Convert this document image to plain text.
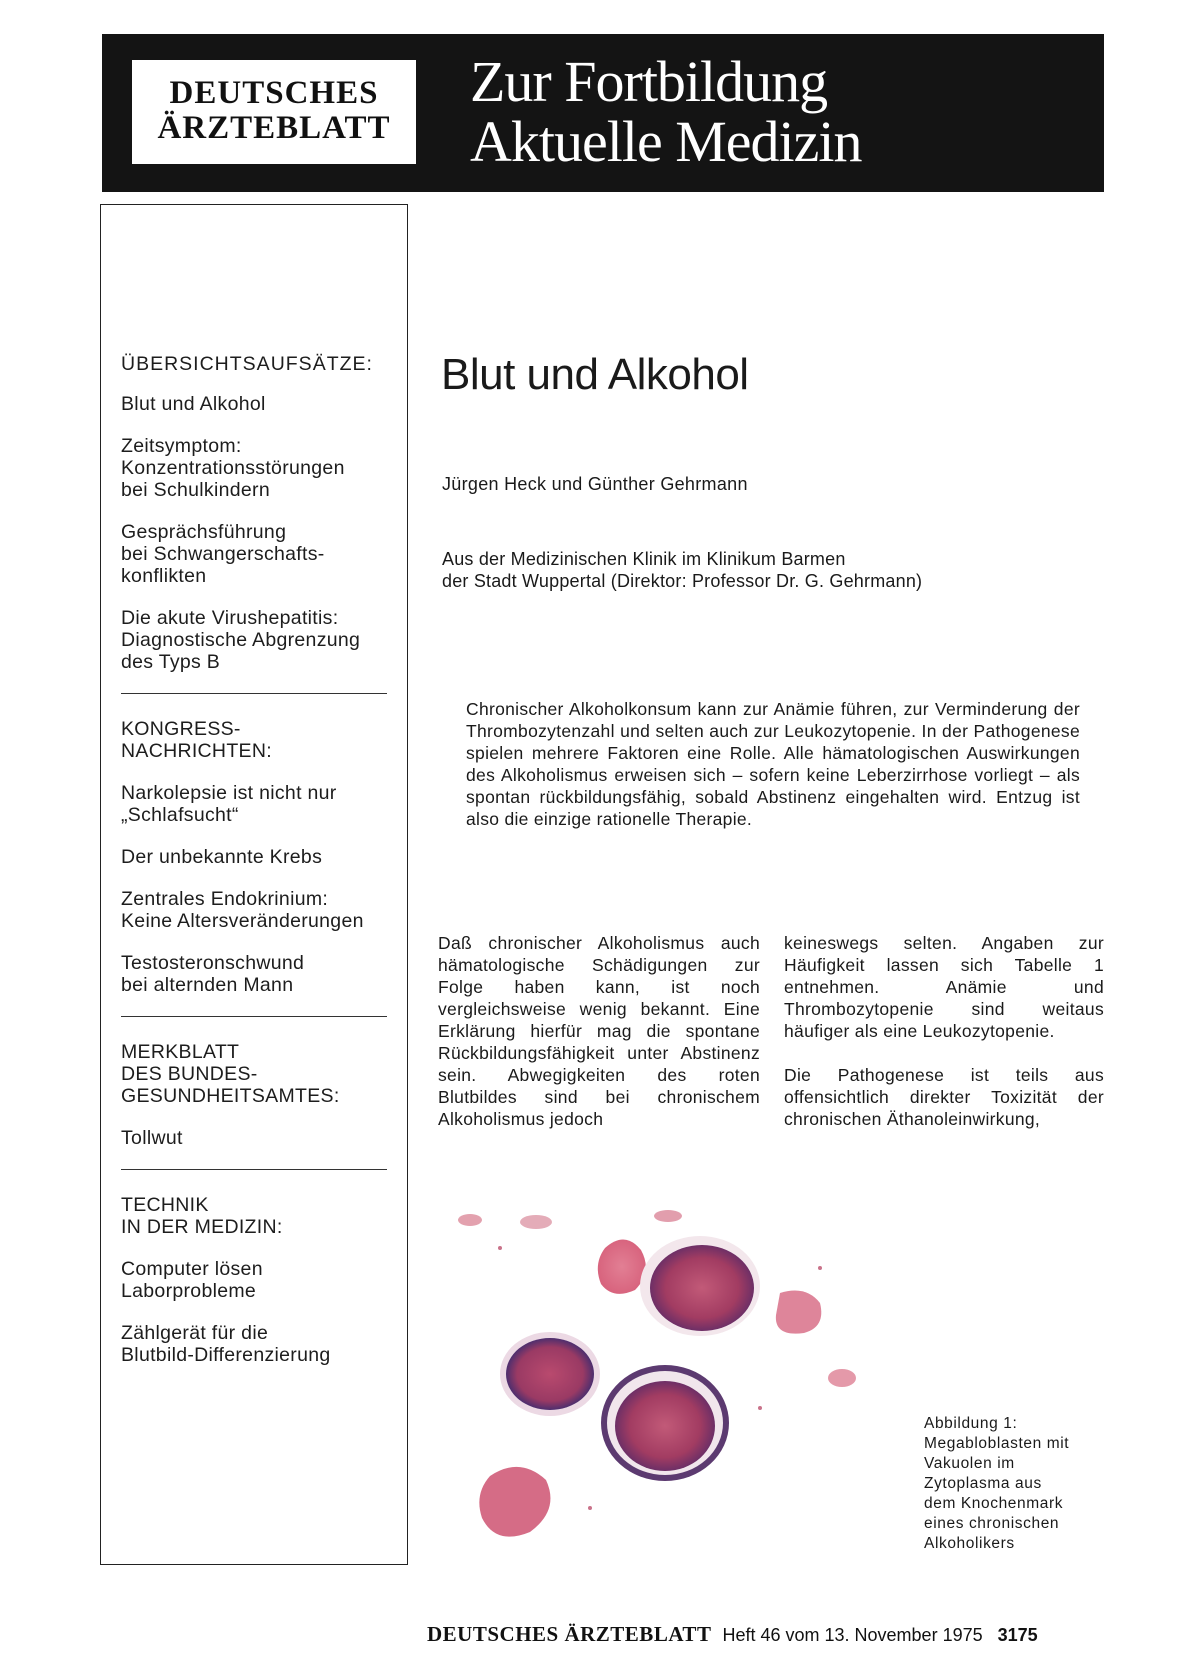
DEUTSCHES
ÄRZTEBLATT
Zur Fortbildung
Aktuelle Medizin
ÜBERSICHTSAUFSÄTZE:
Blut und Alkohol
Zeitsymptom:
Konzentrationsstörungen
bei Schulkindern
Gesprächsführung
bei Schwangerschafts-
konflikten
Die akute Virushepatitis:
Diagnostische Abgrenzung
des Typs B
KONGRESS-
NACHRICHTEN:
Narkolepsie ist nicht nur
„Schlafsucht“
Der unbekannte Krebs
Zentrales Endokrinium:
Keine Altersveränderungen
Testosteronschwund
bei alternden Mann
MERKBLATT
DES BUNDES-
GESUNDHEITSAMTES:
Tollwut
TECHNIK
IN DER MEDIZIN:
Computer lösen
Laborprobleme
Zählgerät für die
Blutbild-Differenzierung
Blut und Alkohol
Jürgen Heck und Günther Gehrmann
Aus der Medizinischen Klinik im Klinikum Barmen
der Stadt Wuppertal (Direktor: Professor Dr. G. Gehrmann)

Chronischer Alkoholkonsum kann zur Anämie führen, zur Verminderung der Thrombozytenzahl und selten auch zur Leukozytopenie. In der Pathogenese spielen mehrere Faktoren eine Rolle. Alle hämatologischen Auswirkungen des Alkoholismus erweisen sich – sofern keine Leberzirrhose vorliegt – als spontan rückbildungsfähig, sobald Abstinenz eingehalten wird. Entzug ist also die einzige rationelle Therapie.

Daß chronischer Alkoholismus auch hämatologische Schädigungen zur Folge haben kann, ist noch vergleichsweise wenig bekannt. Eine Erklärung hierfür mag die spontane Rückbildungsfähigkeit unter Abstinenz sein. Abwegigkeiten des roten Blutbildes sind bei chronischem Alkoholismus jedoch

keineswegs selten. Angaben zur Häufigkeit lassen sich Tabelle 1 entnehmen. Anämie und Thrombozytopenie sind weitaus häufiger als eine Leukozytopenie.

Die Pathogenese ist teils aus offensichtlich direkter Toxizität der chronischen Äthanoleinwirkung,

Abbildung 1:
Megabloblasten mit
Vakuolen im
Zytoplasma aus
dem Knochenmark
eines chronischen
Alkoholikers
DEUTSCHES ÄRZTEBLATT Heft 46 vom 13. November 1975 3175
